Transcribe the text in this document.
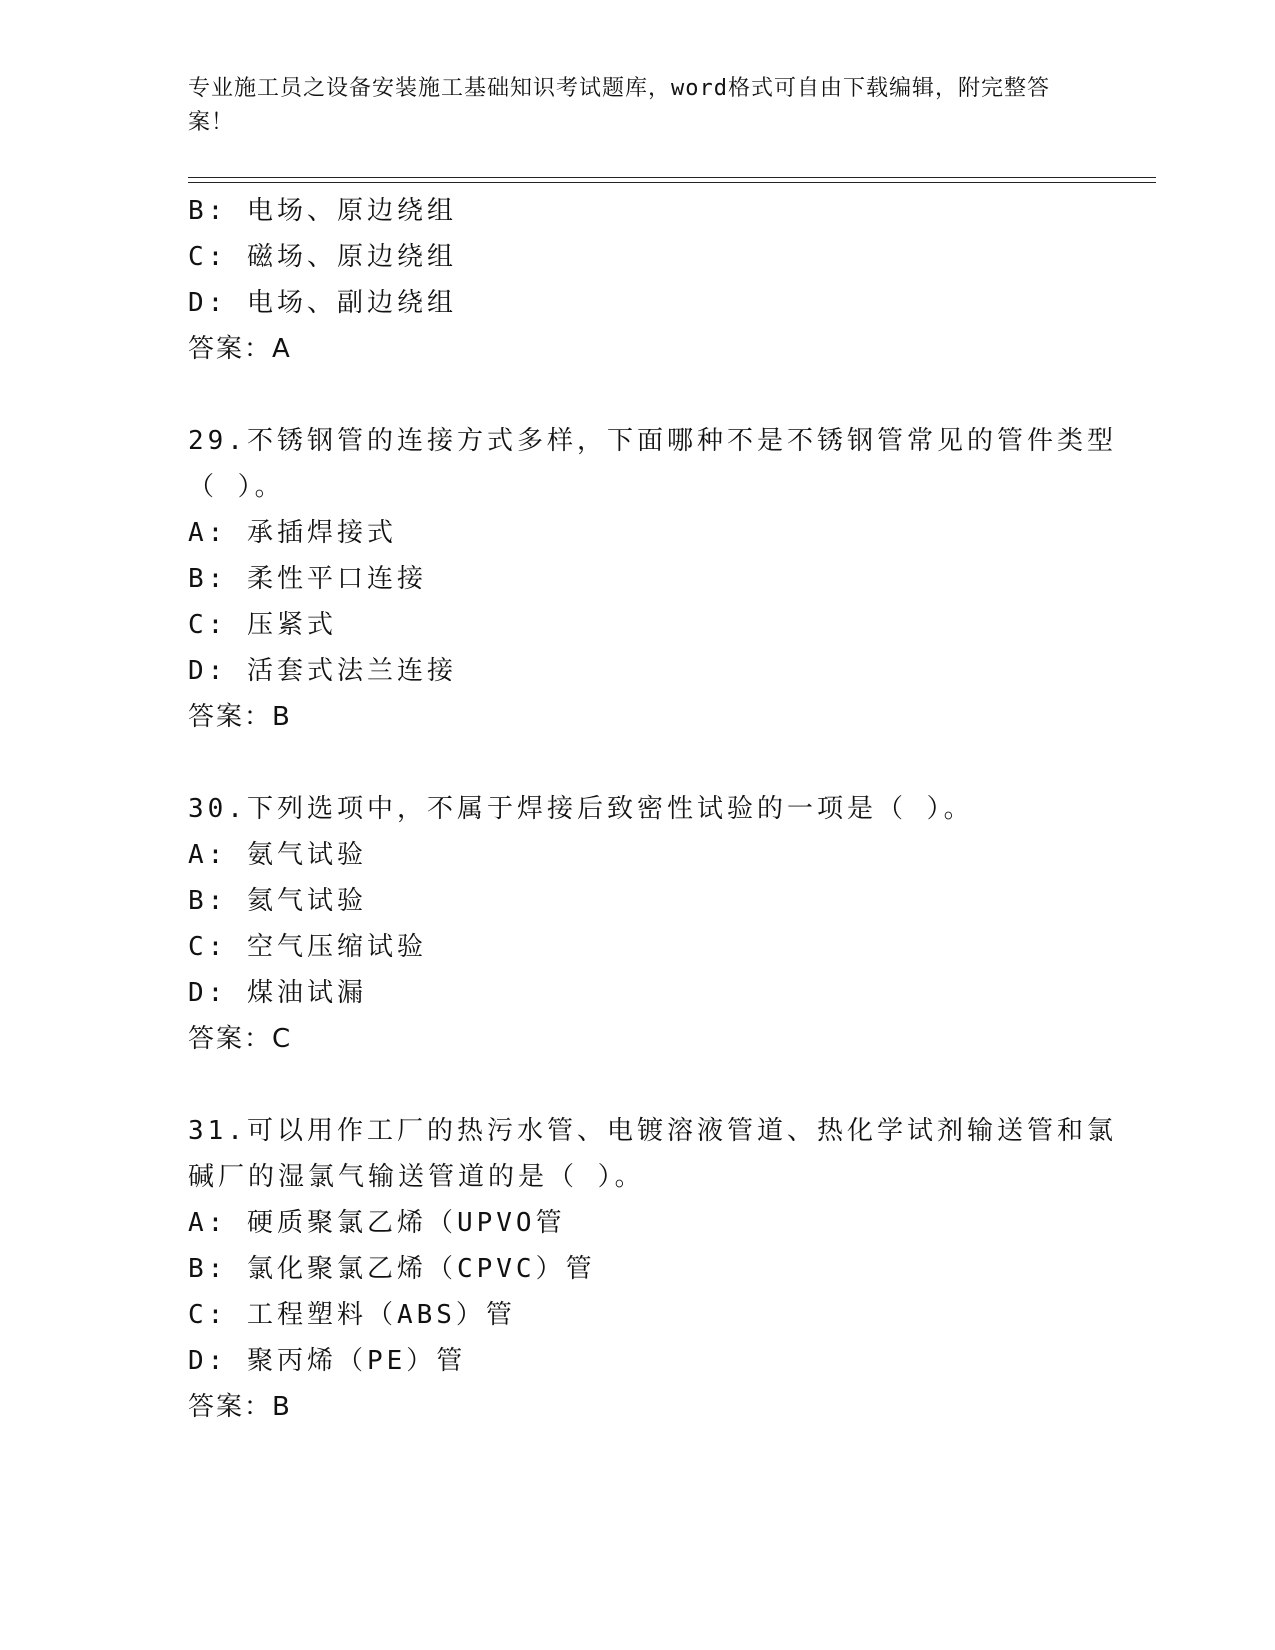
专业施工员之设备安装施工基础知识考试题库，word格式可自由下载编辑，附完整答案！
B: 电场、原边绕组
C: 磁场、原边绕组
D: 电场、副边绕组
答案：A
29.不锈钢管的连接方式多样，下面哪种不是不锈钢管常见的管件类型
（ ）。
A: 承插焊接式
B: 柔性平口连接
C: 压紧式
D: 活套式法兰连接
答案：B
30.下列选项中，不属于焊接后致密性试验的一项是（ ）。
A: 氨气试验
B: 氦气试验
C: 空气压缩试验
D: 煤油试漏
答案：C
31.可以用作工厂的热污水管、电镀溶液管道、热化学试剂输送管和氯
碱厂的湿氯气输送管道的是（ ）。
A: 硬质聚氯乙烯（UPVO管
B: 氯化聚氯乙烯（CPVC）管
C: 工程塑料（ABS）管
D: 聚丙烯（PE）管
答案：B
